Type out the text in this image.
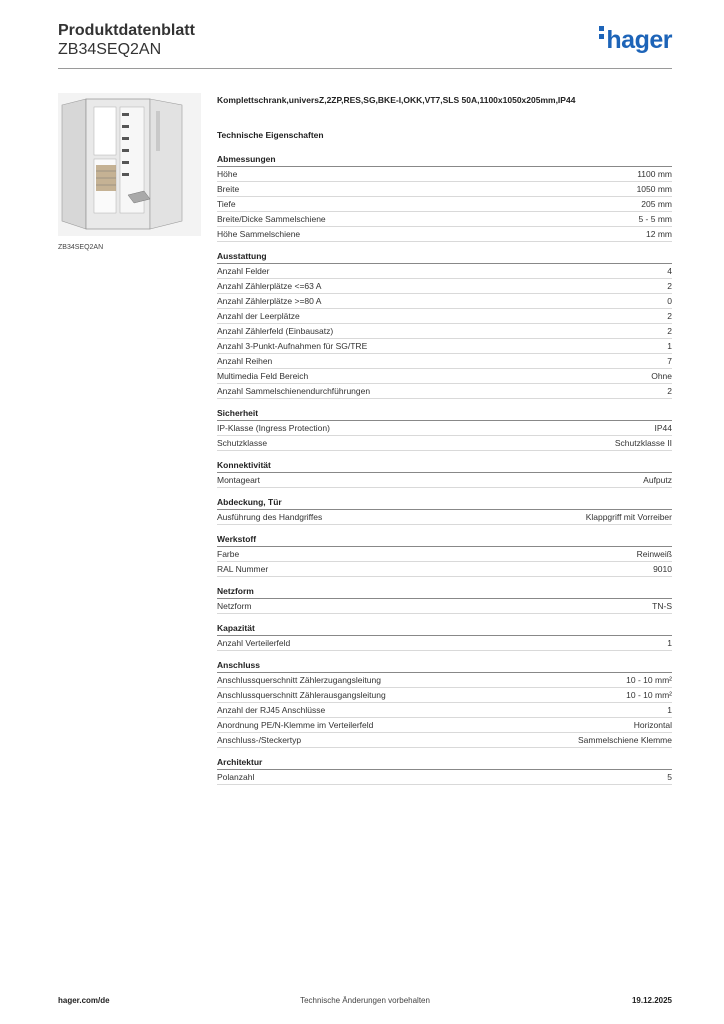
Produktdatenblatt
ZB34SEQ2AN	hager
ZB34SEQ2AN
Komplettschrank,universZ,2ZP,RES,SG,BKE-I,OKK,VT7,SLS 50A,1100x1050x205mm,IP44
Technische Eigenschaften
Abmessungen
Höhe	1100 mm
Breite	1050 mm
Tiefe	205 mm
Breite/Dicke Sammelschiene	5 - 5 mm
Höhe Sammelschiene	12 mm
Ausstattung
Anzahl Felder	4
Anzahl Zählerplätze <=63 A	2
Anzahl Zählerplätze >=80 A	0
Anzahl der Leerplätze	2
Anzahl Zählerfeld (Einbausatz)	2
Anzahl 3-Punkt-Aufnahmen für SG/TRE	1
Anzahl Reihen	7
Multimedia Feld Bereich	Ohne
Anzahl Sammelschienendurchführungen	2
Sicherheit
IP-Klasse (Ingress Protection)	IP44
Schutzklasse	Schutzklasse II
Konnektivität
Montageart	Aufputz
Abdeckung, Tür
Ausführung des Handgriffes	Klappgriff mit Vorreiber
Werkstoff
Farbe	Reinweiß
RAL Nummer	9010
Netzform
Netzform	TN-S
Kapazität
Anzahl Verteilerfeld	1
Anschluss
Anschlussquerschnitt Zählerzugangsleitung	10 - 10 mm²
Anschlussquerschnitt Zählerausgangsleitung	10 - 10 mm²
Anzahl der RJ45 Anschlüsse	1
Anordnung PE/N-Klemme im Verteilerfeld	Horizontal
Anschluss-/Steckertyp	Sammelschiene Klemme
Architektur
Polanzahl	5
hager.com/de	Technische Änderungen vorbehalten	19.12.2025
